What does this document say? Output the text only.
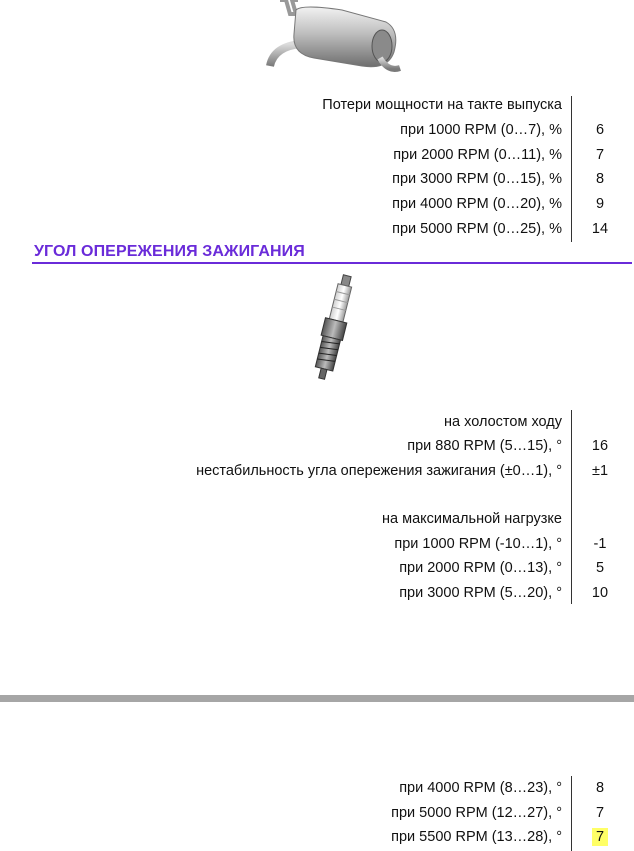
Потери мощности на такте выпуска
при 1000 RPM (0…7), %	6
при 2000 RPM (0…11), %	7
при 3000 RPM (0…15), %	8
при 4000 RPM (0…20), %	9
при 5000 RPM (0…25), %	14
УГОЛ ОПЕРЕЖЕНИЯ ЗАЖИГАНИЯ
на холостом ходу
при 880 RPM (5…15), °	16
нестабильность угла опережения зажигания (±0…1), °	±1
на максимальной нагрузке
при 1000 RPM (-10…1), °	-1
при 2000 RPM (0…13), °	5
при 3000 RPM (5…20), °	10
при 4000 RPM (8…23), °	8
при 5000 RPM (12…27), °	7
при 5500 RPM (13…28), °	7
